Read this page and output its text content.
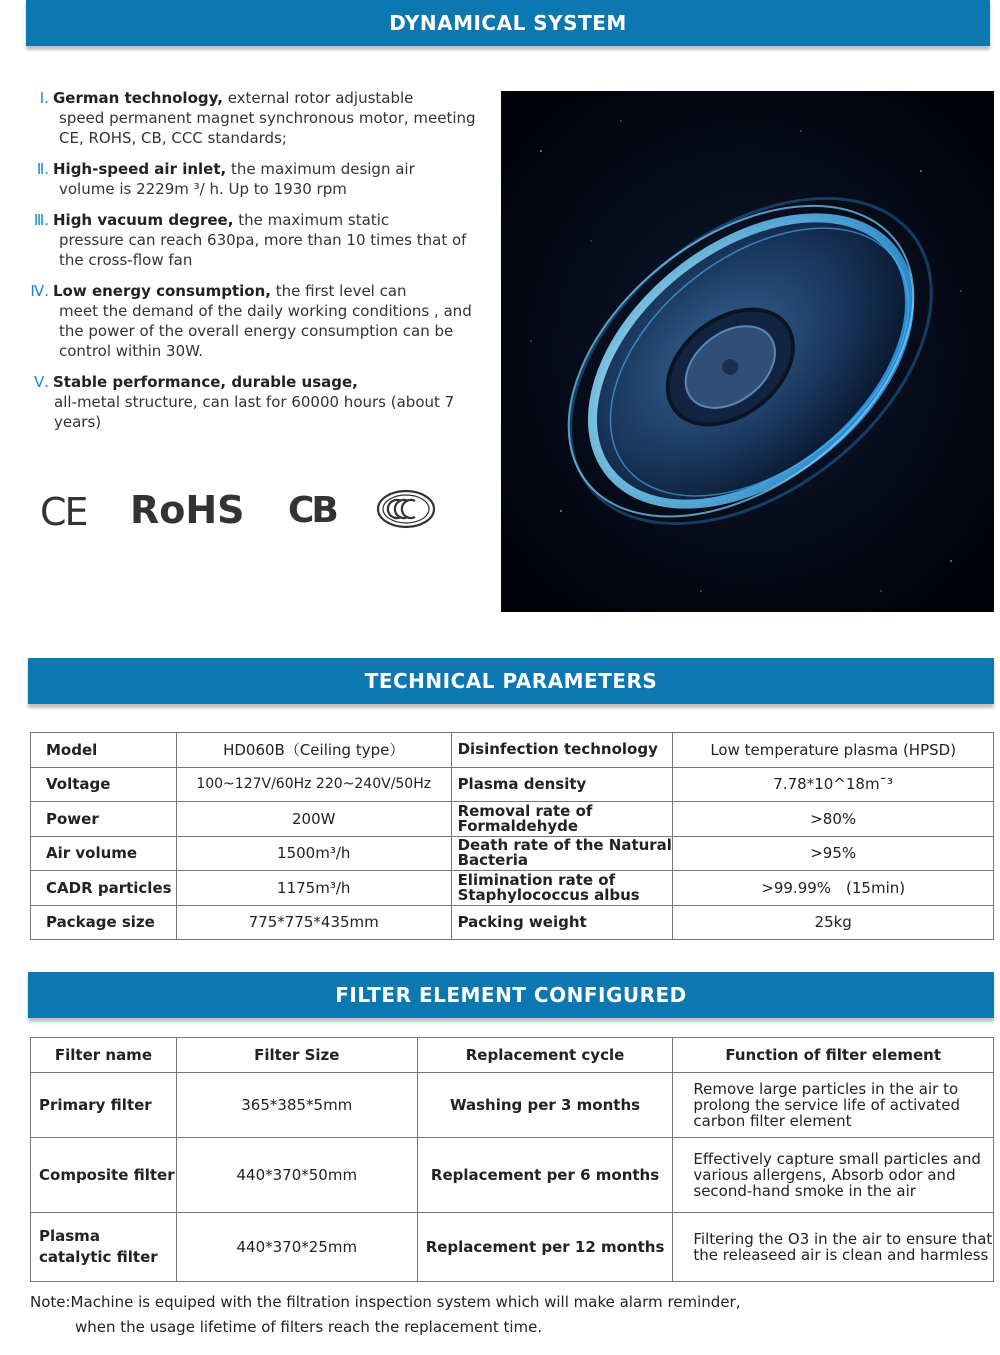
DYNAMICAL SYSTEM
Ⅰ. German technology, external rotor adjustable
speed permanent magnet synchronous motor, meeting CE, ROHS, CB, CCC standards;
Ⅱ. High-speed air inlet, the maximum design air
volume is 2229m ³/ h. Up to 1930 rpm
Ⅲ. High vacuum degree, the maximum static
pressure can reach 630pa, more than 10 times that of the cross-flow fan
Ⅳ. Low energy consumption, the first level can
meet the demand of the daily working conditions , and the power of the overall energy consumption can be control within 30W.
Ⅴ. Stable performance, durable usage,
all-metal structure, can last for 60000 hours (about 7 years)
CE RoHS CB
TECHNICAL PARAMETERS
Model	HD060B（Ceiling type）	Disinfection technology	Low temperature plasma (HPSD)
Voltage	100~127V/60Hz 220~240V/50Hz	Plasma density	7.78*10^18m¯³
Power	200W	Removal rate of Formaldehyde	>80%
Air volume	1500m³/h	Death rate of the Natural Bacteria	>95%
CADR particles	1175m³/h	Elimination rate of Staphylococcus albus	>99.99%　(15min)
Package size	775*775*435mm	Packing weight	25kg
FILTER ELEMENT CONFIGURED
Filter name	Filter Size	Replacement cycle	Function of filter element
Primary filter	365*385*5mm	Washing per 3 months	Remove large particles in the air to prolong the service life of activated carbon filter element
Composite filter	440*370*50mm	Replacement per 6 months	Effectively capture small particles and various allergens, Absorb odor and second-hand smoke in the air
Plasma catalytic filter	440*370*25mm	Replacement per 12 months	Filtering the O3 in the air to ensure that the releaseed air is clean and harmless
Note:Machine is equiped with the filtration inspection system which will make alarm reminder,
when the usage lifetime of filters reach the replacement time.
